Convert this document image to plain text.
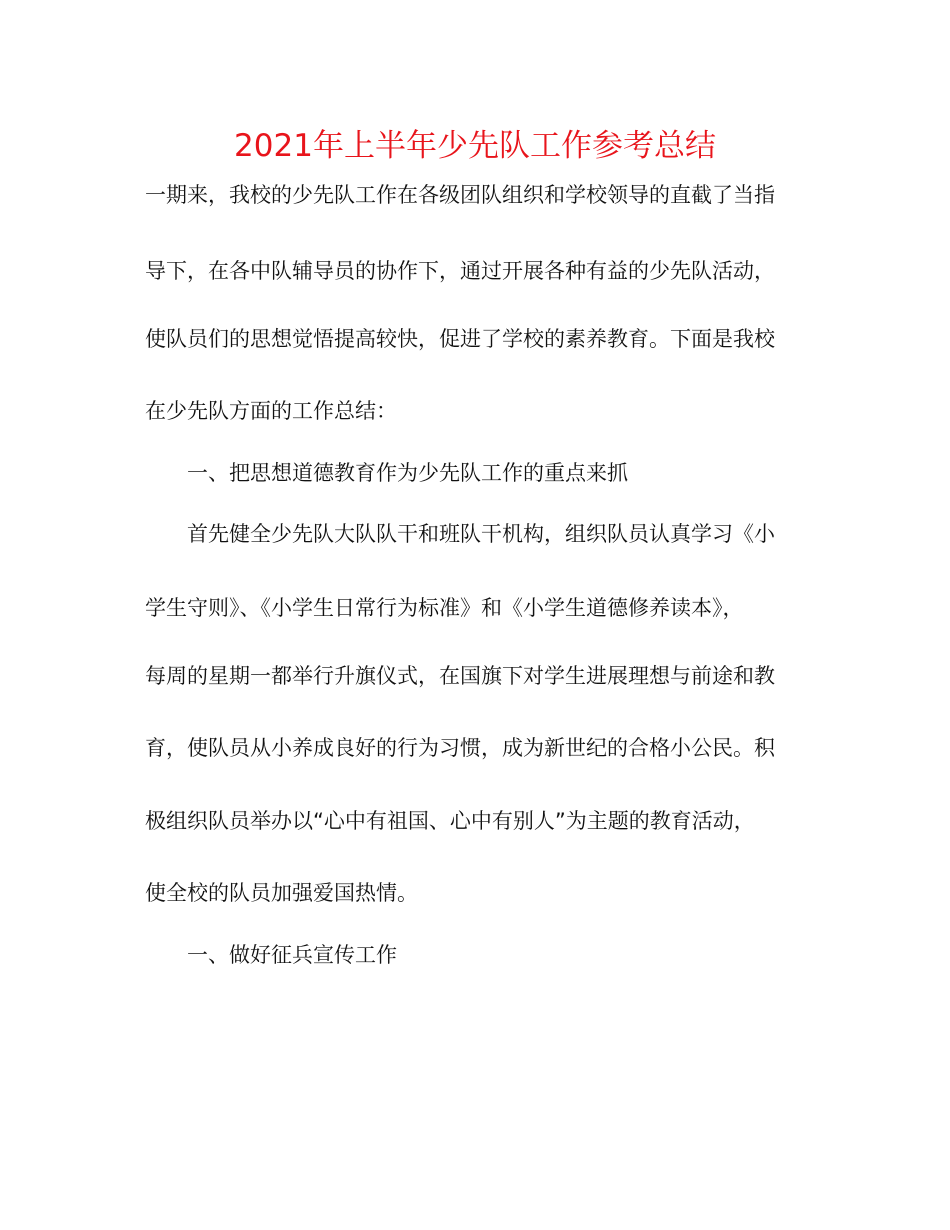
2021年上半年少先队工作参考总结
一期来，我校的少先队工作在各级团队组织和学校领导的直截了当指
导下，在各中队辅导员的协作下，通过开展各种有益的少先队活动，
使队员们的思想觉悟提高较快，促进了学校的素养教育。下面是我校
在少先队方面的工作总结：
一、把思想道德教育作为少先队工作的重点来抓
首先健全少先队大队队干和班队干机构，组织队员认真学习《小
学生守则》、《小学生日常行为标准》和《小学生道德修养读本》，
每周的星期一都举行升旗仪式，在国旗下对学生进展理想与前途和教
育，使队员从小养成良好的行为习惯，成为新世纪的合格小公民。积
极组织队员举办以“心中有祖国、心中有别人”为主题的教育活动，
使全校的队员加强爱国热情。
一、做好征兵宣传工作
